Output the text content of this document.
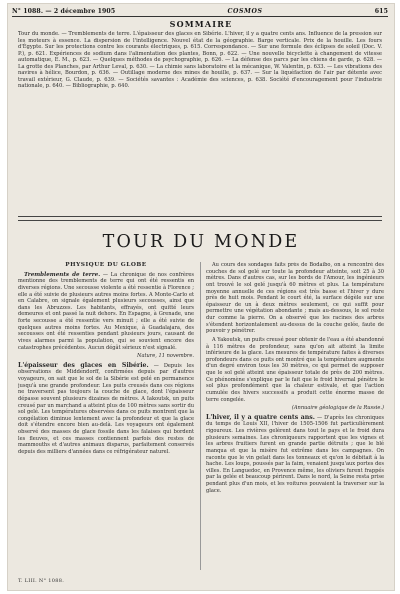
N° 1088. — 2 décembre 1905	COSMOS	615
SOMMAIRE
Tour du monde. — Tremblements de terre. L'épaisseur des glaces en Sibérie. L'hiver, il y a quatre cents ans. Influence de la pression sur les moteurs à essence. La dispersion de l'intelligence. Nouvel état de la géographie. Barge verticale. Prix de la houille. Les fours d'Égypte. Sur les protections contre les courants électriques, p. 615. Correspondance. — Sur une formule des éclipses de soleil (Doc. V. P.), p. 621. Expériences de sodium dans l'alimentation des plantes, Bonn, p. 622. — Une nouvelle bicyclette à changement de vitesse automatique, E. M., p. 623. — Quelques méthodes de psychographie, p. 626. — La défense des parcs par les chiens de garde, p. 628. — La grotte des Planches, par Arthur Leval, p. 630. — La chimie sans laboratoire et la mécanique, W. Valentin, p. 633. — Les vibrations des navires à hélice, Bourdon, p. 636. — Outillage moderne des mines de houille, p. 637. — Sur la liquéfaction de l'air par détente avec travail extérieur, G. Claude, p. 639. — Sociétés savantes : Académie des sciences, p. 638. Société d'encouragement pour l'industrie nationale, p. 640. — Bibliographie, p. 640.
TOUR DU MONDE
PHYSIQUE DU GLOBE

Tremblements de terre. — La chronique de nos confrères mentionne des tremblements de terre qui ont été ressentis en diverses régions. Une secousse violente a été ressentie à Florence ; elle a été suivie de plusieurs autres moins fortes. A Monte-Carlo et en Calabre, on signale également plusieurs secousses, ainsi que dans les Abruzzes. Les habitants, effrayés, ont quitté leurs demeures et ont passé la nuit dehors. En Espagne, à Grenade, une forte secousse a été ressentie vers minuit ; elle a été suivie de quelques autres moins fortes. Au Mexique, à Guadalajara, des secousses ont été ressenties pendant plusieurs jours, causant de vives alarmes parmi la population, qui se souvient encore des catastrophes précédentes. Aucun dégât sérieux n'est signalé.

Nature, 11 novembre.

L'épaisseur des glaces en Sibérie. — Depuis les observations de Middendorff, confirmées depuis par d'autres voyageurs, on sait que le sol de la Sibérie est gelé en permanence jusqu'à une grande profondeur. Les puits creusés dans ces régions ne traversent pas toujours la couche de glace, dont l'épaisseur dépasse souvent plusieurs dizaines de mètres. A Iakoutsk, un puits creusé par un marchand a atteint plus de 100 mètres sans sortir du sol gelé. Les températures observées dans ce puits montrent que la congélation diminue lentement avec la profondeur et que la glace doit s'étendre encore bien au-delà. Les voyageurs ont également observé des masses de glace fossile dans les falaises qui bordent les fleuves, et ces masses contiennent parfois des restes de mammouths et d'autres animaux disparus, parfaitement conservés depuis des milliers d'années dans ce réfrigérateur naturel.

Au cours des sondages faits près de Bodaibo, on a rencontré des couches de sol gelé sur toute la profondeur atteinte, soit 25 à 30 mètres. Dans d'autres cas, sur les bords de l'Amour, les ingénieurs ont trouvé le sol gelé jusqu'à 60 mètres et plus. La température moyenne annuelle de ces régions est très basse et l'hiver y dure près de huit mois. Pendant le court été, la surface dégèle sur une épaisseur de un à deux mètres seulement, ce qui suffit pour permettre une végétation abondante ; mais au-dessous, le sol reste dur comme la pierre. On a observé que les racines des arbres s'étendent horizontalement au-dessus de la couche gelée, faute de pouvoir y pénétrer.

A Yakoutsk, un puits creusé pour obtenir de l'eau a été abandonné à 116 mètres de profondeur, sans qu'on ait atteint la limite inférieure de la glace. Les mesures de température faites à diverses profondeurs dans ce puits ont montré que la température augmente d'un degré environ tous les 30 mètres, ce qui permet de supposer que le sol gelé atteint une épaisseur totale de près de 200 mètres. Ce phénomène s'explique par le fait que le froid hivernal pénètre le sol plus profondément que la chaleur estivale, et que l'action cumulée des hivers successifs a produit cette énorme masse de terre congelée.

(Annuaire géologique de la Russie.)

L'hiver, il y a quatre cents ans. — D'après les chroniques du temps de Louis XII, l'hiver de 1505-1506 fut particulièrement rigoureux. Les rivières gelèrent dans tout le pays et le froid dura plusieurs semaines. Les chroniqueurs rapportent que les vignes et les arbres fruitiers furent en grande partie détruits ; que le blé manqua et que la misère fut extrême dans les campagnes. On raconte que le vin gelait dans les tonneaux et qu'on le débitait à la hache. Les loups, poussés par la faim, venaient jusqu'aux portes des villes. En Languedoc, en Provence même, les oliviers furent frappés par la gelée et beaucoup périrent. Dans le nord, la Seine resta prise pendant plus d'un mois, et les voitures pouvaient la traverser sur la glace.

T. LIII. N° 1088.
